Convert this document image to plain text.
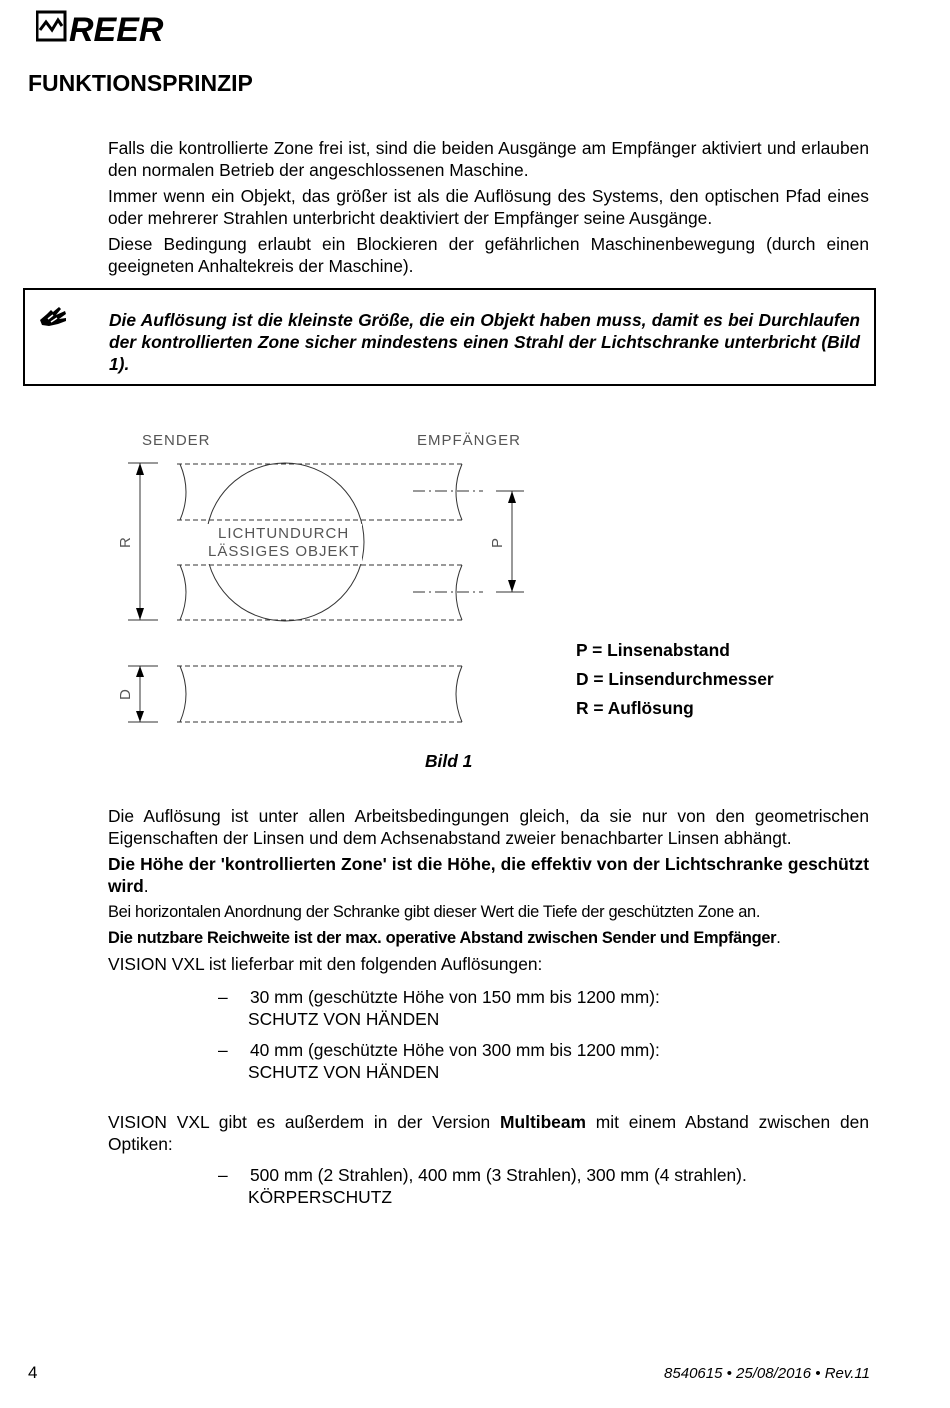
REER
FUNKTIONSPRINZIP

Falls die kontrollierte Zone frei ist, sind die beiden Ausgänge am Empfänger aktiviert und erlauben den normalen Betrieb der angeschlossenen Maschine.

Immer wenn ein Objekt, das größer ist als die Auflösung des Systems, den optischen Pfad eines oder mehrerer Strahlen unterbricht deaktiviert der Empfänger seine Ausgänge.

Diese Bedingung erlaubt ein Blockieren der gefährlichen Maschinenbewegung (durch einen geeigneten Anhaltekreis der Maschine).

Die Auflösung ist die kleinste Größe, die ein Objekt haben muss, damit es bei Durchlaufen der kontrollierten Zone sicher mindestens einen Strahl der Lichtschranke unterbricht (Bild 1).

SENDER	EMPFÄNGER
LICHTUNDURCH
LÄSSIGES OBJEKT
R
D
P
P = Linsenabstand
D = Linsendurchmesser
R = Auflösung
Bild 1

Die Auflösung ist unter allen Arbeitsbedingungen gleich, da sie nur von den geometrischen Eigenschaften der Linsen und dem Achsenabstand zweier benachbarter Linsen abhängt.

Die Höhe der 'kontrollierten Zone' ist die Höhe, die effektiv von der Lichtschranke geschützt wird.

Bei horizontalen Anordnung der Schranke gibt dieser Wert die Tiefe der geschützten Zone an.

Die nutzbare Reichweite ist der max. operative Abstand zwischen Sender und Empfänger.

VISION VXL ist lieferbar mit den folgenden Auflösungen:

– 30 mm (geschützte Höhe von 150 mm bis 1200 mm):
SCHUTZ VON HÄNDEN
– 40 mm (geschützte Höhe von 300 mm bis 1200 mm):
SCHUTZ VON HÄNDEN

VISION VXL gibt es außerdem in der Version Multibeam mit einem Abstand zwischen den Optiken:

– 500 mm (2 Strahlen), 400 mm (3 Strahlen), 300 mm (4 strahlen).
KÖRPERSCHUTZ
4	8540615 • 25/08/2016 • Rev.11
